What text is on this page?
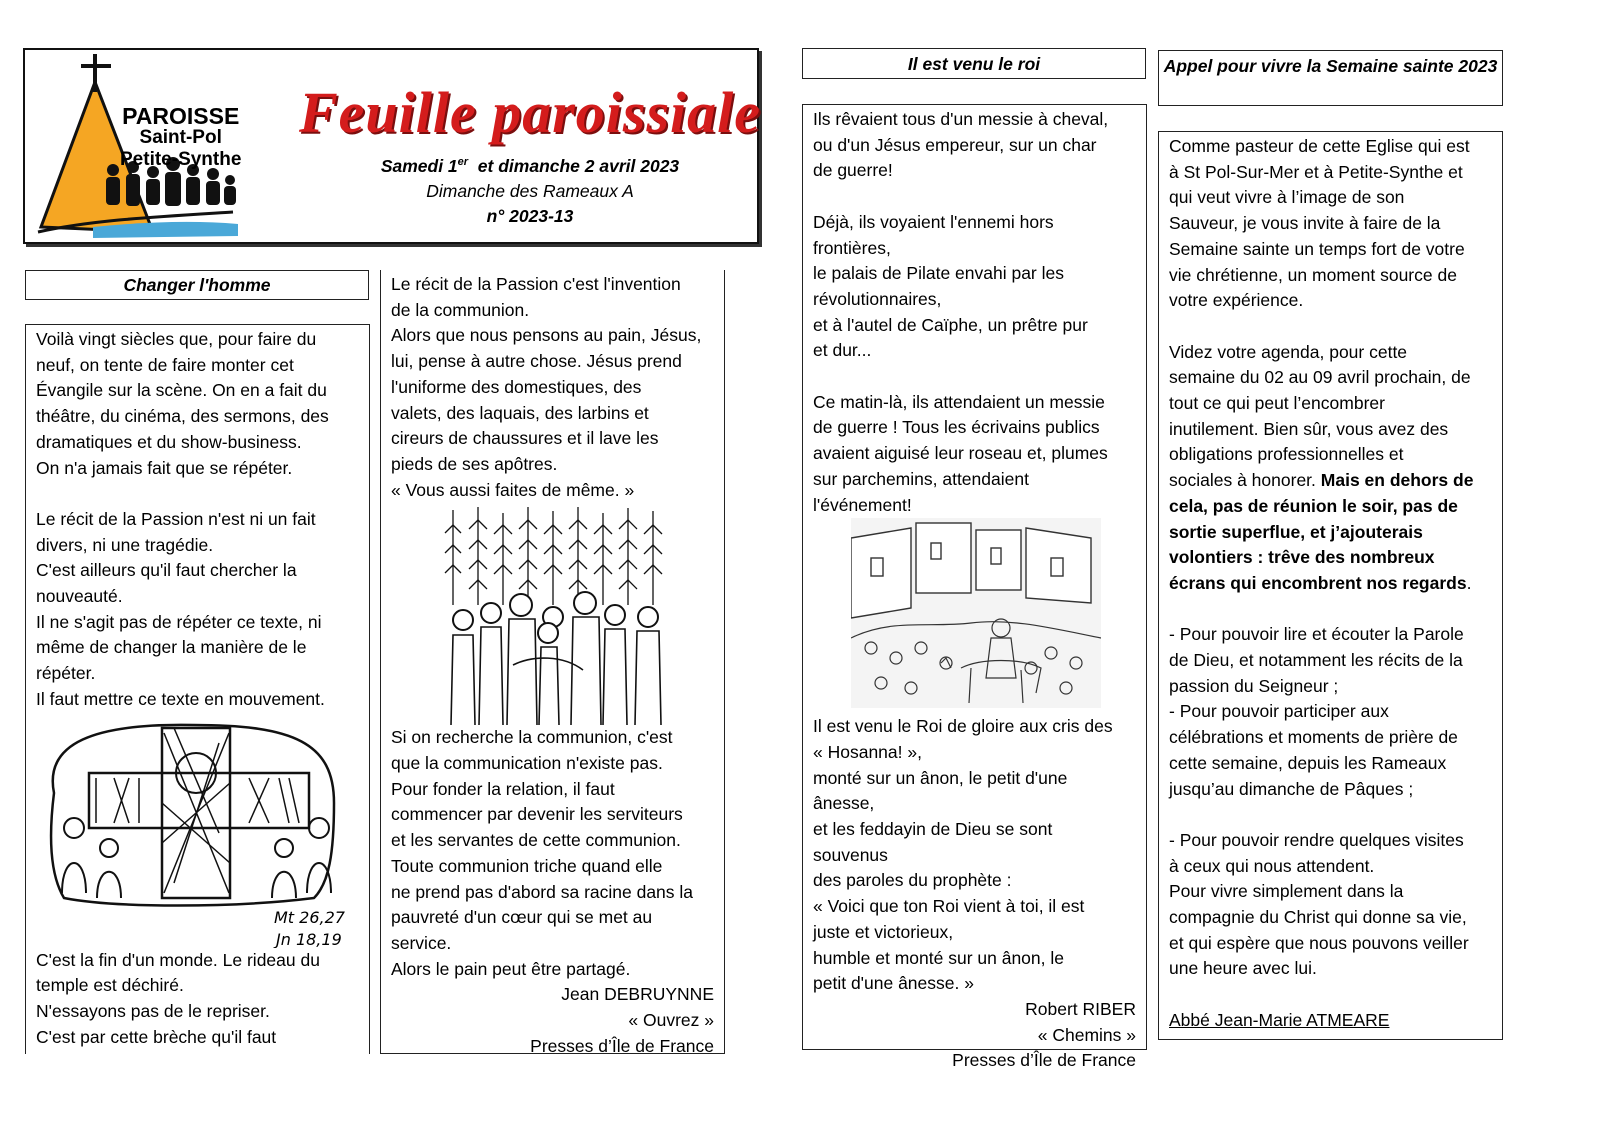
PAROISSE
Saint-Pol
Petite-Synthe
Feuille paroissiale
Samedi 1er  et dimanche 2 avril 2023
Dimanche des Rameaux A
n° 2023-13
Changer l'homme

Voilà vingt siècles que, pour faire du

neuf, on tente de faire monter cet

Évangile sur la scène. On en a fait du

théâtre, du cinéma, des sermons, des

dramatiques et du show-business.

On n'a jamais fait que se répéter.

Le récit de la Passion n'est ni un fait

divers, ni une tragédie.

C'est ailleurs qu'il faut chercher la

nouveauté.

Il ne s'agit pas de répéter ce texte, ni

même de changer la manière de le

répéter.

Il faut mettre ce texte en mouvement.

Mt 26,27
Jn 18,19

C'est la fin d'un monde. Le rideau du

temple est déchiré.

N'essayons pas de le repriser.

C'est par cette brèche qu'il faut

Le récit de la Passion c'est l'invention

de la communion.

Alors que nous pensons au pain, Jésus,

lui, pense à autre chose. Jésus prend

l'uniforme des domestiques, des

valets, des laquais, des larbins et

cireurs de chaussures et il lave les

pieds de ses apôtres.

« Vous aussi faites de même. »

Si on recherche la communion, c'est

que la communication n'existe pas.

Pour fonder la relation, il faut

commencer par devenir les serviteurs

et les servantes de cette communion.

Toute communion triche quand elle

ne prend pas d'abord sa racine dans la

pauvreté d'un cœur qui se met au

service.

Alors le pain peut être partagé.

Jean DEBRUYNNE

« Ouvrez »

Presses d’Île de France

Il est venu le roi

Ils rêvaient tous d'un messie à cheval,

ou d'un Jésus empereur, sur un char

de guerre!

Déjà, ils voyaient l'ennemi hors

frontières,

le palais de Pilate envahi par les

révolutionnaires,

et à l'autel de Caïphe, un prêtre pur

et dur...

Ce matin-là, ils attendaient un messie

de guerre ! Tous les écrivains publics

avaient aiguisé leur roseau et, plumes

sur parchemins, attendaient

l'événement!

Il est venu le Roi de gloire aux cris des

« Hosanna! »,

monté sur un ânon, le petit d'une

ânesse,

et les feddayin de Dieu se sont

souvenus

des paroles du prophète :

« Voici que ton Roi vient à toi, il est

juste et victorieux,

humble et monté sur un ânon, le

petit d'une ânesse. »

Robert RIBER

« Chemins »

Presses d’Île de France

Appel pour vivre la Semaine sainte 2023

Comme pasteur de cette Eglise qui est

à St Pol-Sur-Mer et à Petite-Synthe et

qui veut vivre à l’image de son

Sauveur, je vous invite à faire de la

Semaine sainte un temps fort de votre

vie chrétienne, un moment source de

votre expérience.

Videz votre agenda, pour cette

semaine du 02 au 09 avril prochain, de

tout ce qui peut l’encombrer

inutilement. Bien sûr, vous avez des

obligations professionnelles et

sociales à honorer. Mais en dehors de

cela, pas de réunion le soir, pas de

sortie superflue, et j’ajouterais

volontiers : trêve des nombreux

écrans qui encombrent nos regards.

- Pour pouvoir lire et écouter la Parole

de Dieu, et notamment les récits de la

passion du Seigneur ;

- Pour pouvoir participer aux

célébrations et moments de prière de

cette semaine, depuis les Rameaux

jusqu’au dimanche de Pâques ;

- Pour pouvoir rendre quelques visites

à ceux qui nous attendent.

Pour vivre simplement dans la

compagnie du Christ qui donne sa vie,

et qui espère que nous pouvons veiller

une heure avec lui.

Abbé Jean-Marie ATMEARE
